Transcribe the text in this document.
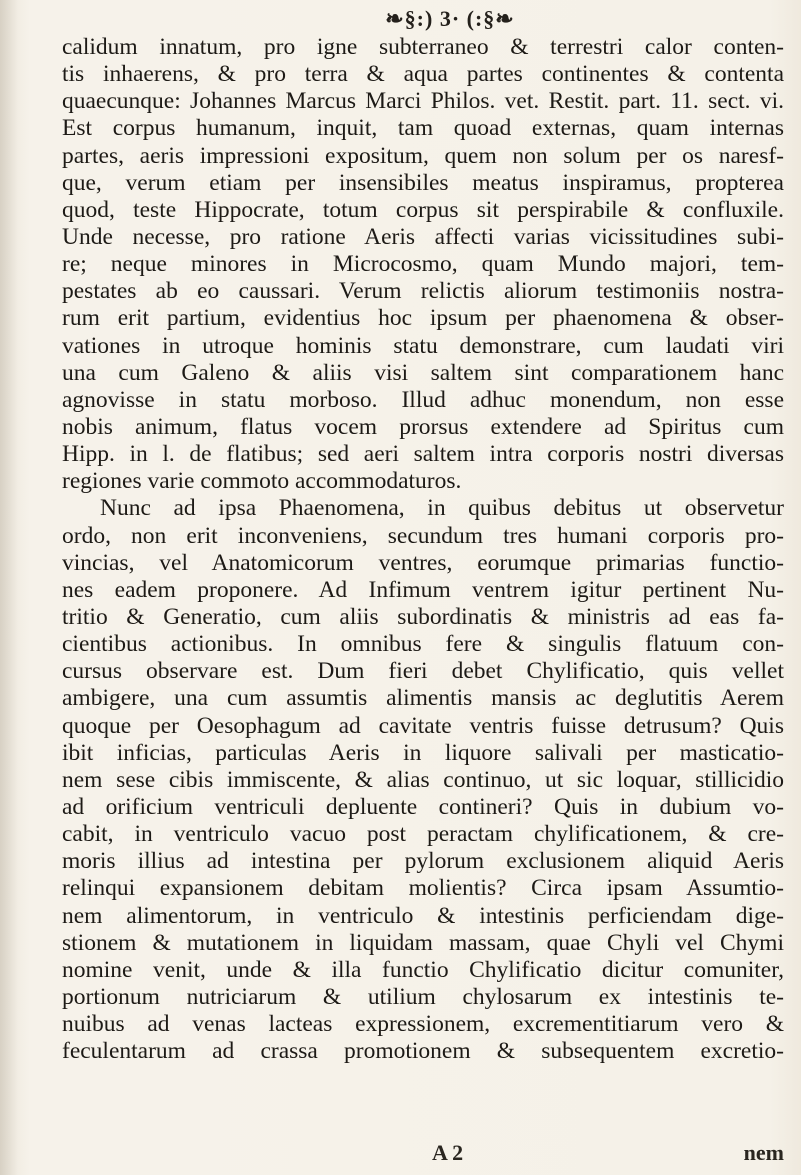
❧§:) 3· (:§❧
calidum innatum, pro igne subterraneo & terrestri calor conten-
tis inhaerens, & pro terra & aqua partes continentes & contenta
quaecunque: Johannes Marcus Marci Philos. vet. Restit. part. 11. sect. vi.
Est corpus humanum, inquit, tam quoad externas, quam internas
partes, aeris impressioni expositum, quem non solum per os naresf-
que, verum etiam per insensibiles meatus inspiramus, propterea
quod, teste Hippocrate, totum corpus sit perspirabile & confluxile.
Unde necesse, pro ratione Aeris affecti varias vicissitudines subi-
re; neque minores in Microcosmo, quam Mundo majori, tem-
pestates ab eo caussari. Verum relictis aliorum testimoniis nostra-
rum erit partium, evidentius hoc ipsum per phaenomena & obser-
vationes in utroque hominis statu demonstrare, cum laudati viri
una cum Galeno & aliis visi saltem sint comparationem hanc
agnovisse in statu morboso. Illud adhuc monendum, non esse
nobis animum, flatus vocem prorsus extendere ad Spiritus cum
Hipp. in l. de flatibus; sed aeri saltem intra corporis nostri diversas
regiones varie commoto accommodaturos.
Nunc ad ipsa Phaenomena, in quibus debitus ut observetur
ordo, non erit inconveniens, secundum tres humani corporis pro-
vincias, vel Anatomicorum ventres, eorumque primarias functio-
nes eadem proponere. Ad Infimum ventrem igitur pertinent Nu-
tritio & Generatio, cum aliis subordinatis & ministris ad eas fa-
cientibus actionibus. In omnibus fere & singulis flatuum con-
cursus observare est. Dum fieri debet Chylificatio, quis vellet
ambigere, una cum assumtis alimentis mansis ac deglutitis Aerem
quoque per Oesophagum ad cavitate ventris fuisse detrusum? Quis
ibit inficias, particulas Aeris in liquore salivali per masticatio-
nem sese cibis immiscente, & alias continuo, ut sic loquar, stillicidio
ad orificium ventriculi depluente contineri? Quis in dubium vo-
cabit, in ventriculo vacuo post peractam chylificationem, & cre-
moris illius ad intestina per pylorum exclusionem aliquid Aeris
relinqui expansionem debitam molientis? Circa ipsam Assumtio-
nem alimentorum, in ventriculo & intestinis perficiendam dige-
stionem & mutationem in liquidam massam, quae Chyli vel Chymi
nomine venit, unde & illa functio Chylificatio dicitur comuniter,
portionum nutriciarum & utilium chylosarum ex intestinis te-
nuibus ad venas lacteas expressionem, excrementitiarum vero &
feculentarum ad crassa promotionem & subsequentem excretio-
A 2	nem
